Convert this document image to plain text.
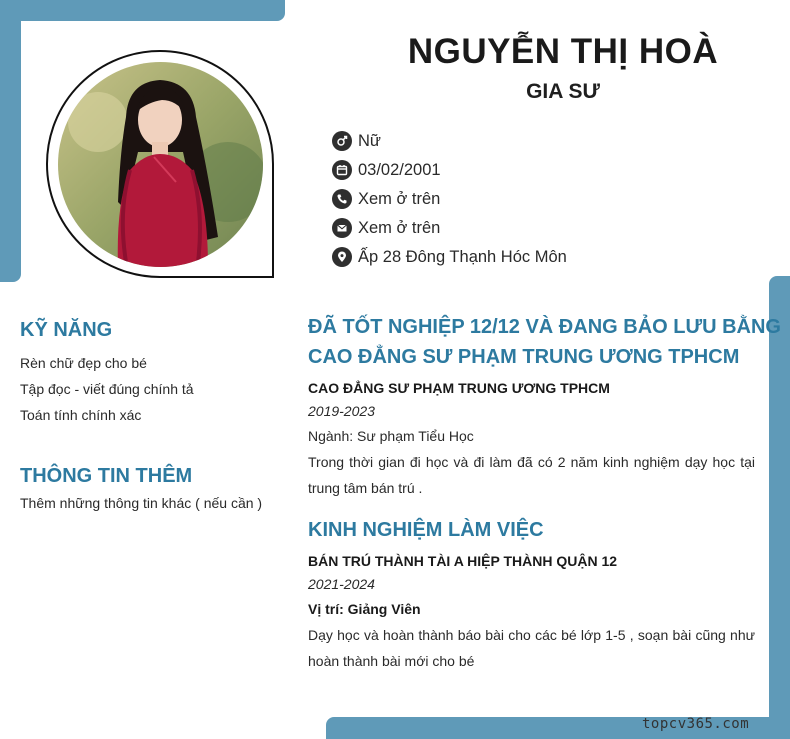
NGUYỄN THỊ HOÀ
GIA SƯ
Nữ
03/02/2001
Xem ở trên
Xem ở trên
Ấp 28 Đông Thạnh Hóc Môn
KỸ NĂNG
Rèn chữ đẹp cho bé
Tập đọc - viết đúng chính tả
Toán tính chính xác
THÔNG TIN THÊM
Thêm những thông tin khác ( nếu cần )
ĐÃ TỐT NGHIỆP 12/12 VÀ ĐANG BẢO LƯU BẰNG
CAO ĐẲNG SƯ PHẠM TRUNG ƯƠNG TPHCM
CAO ĐẲNG SƯ PHẠM TRUNG ƯƠNG TPHCM
2019-2023
Ngành: Sư phạm Tiểu Học
Trong thời gian đi học và đi làm đã có 2 năm kinh nghiệm dạy học tại trung tâm bán trú .
KINH NGHIỆM LÀM VIỆC
BÁN TRÚ THÀNH TÀI A HIỆP THÀNH QUẬN 12
2021-2024
Vị trí: Giảng Viên
Dạy học và hoàn thành báo bài cho các bé lớp 1-5 , soạn bài cũng như hoàn thành bài mới cho bé
topcv365.com
